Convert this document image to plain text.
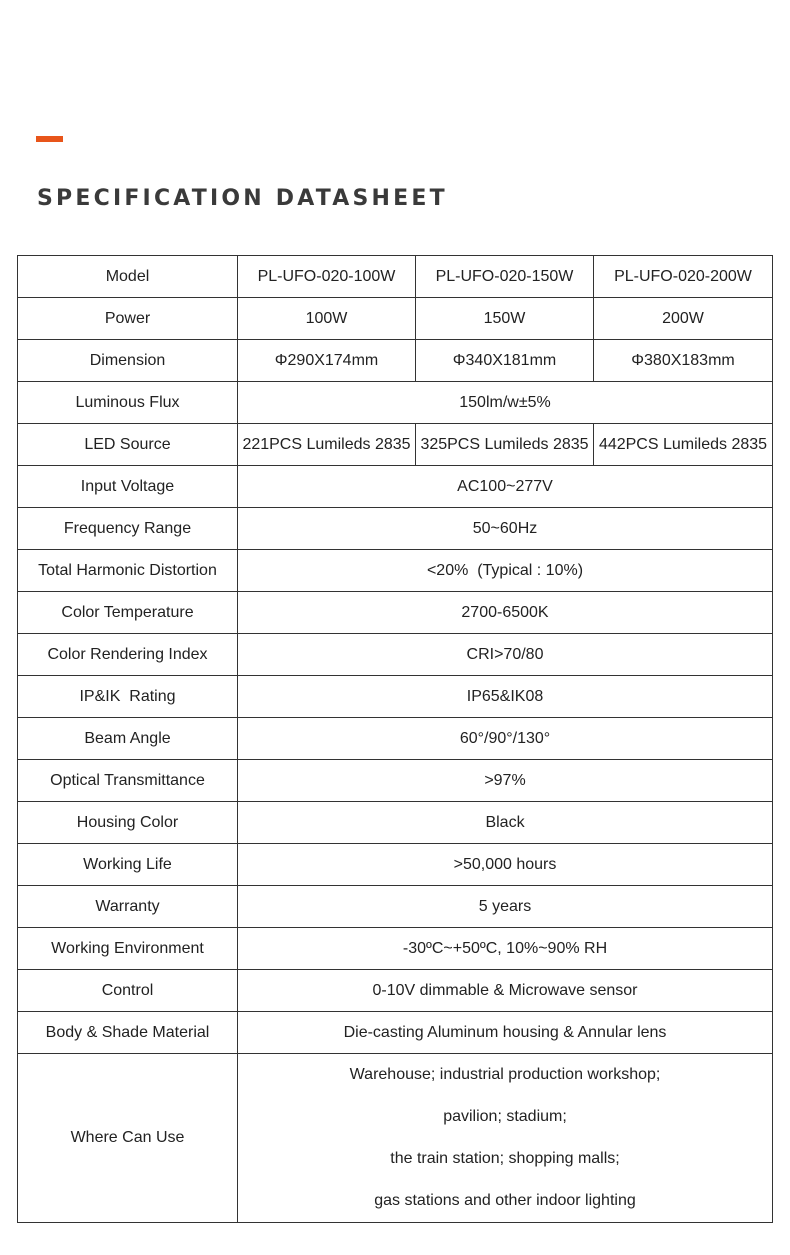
SPECIFICATION DATASHEET
Model	PL-UFO-020-100W	PL-UFO-020-150W	PL-UFO-020-200W
Power	100W	150W	200W
Dimension	Φ290X174mm	Φ340X181mm	Φ380X183mm
Luminous Flux	150lm/w±5%		
LED Source	221PCS Lumileds 2835	325PCS Lumileds 2835	442PCS Lumileds 2835
Input Voltage	AC100~277V		
Frequency Range	50~60Hz		
Total Harmonic Distortion	<20%  (Typical : 10%)		
Color Temperature	2700-6500K		
Color Rendering Index	CRI>70/80		
IP&IK  Rating	IP65&IK08		
Beam Angle	60°/90°/130°		
Optical Transmittance	>97%		
Housing Color	Black		
Working Life	>50,000 hours		
Warranty	5 years		
Working Environment	-30ºC~+50ºC, 10%~90% RH		
Control	0-10V dimmable & Microwave sensor		
Body & Shade Material	Die-casting Aluminum housing & Annular lens		
Where Can Use	Warehouse; industrial production workshop;
pavilion; stadium;
the train station; shopping malls;
gas stations and other indoor lighting		
